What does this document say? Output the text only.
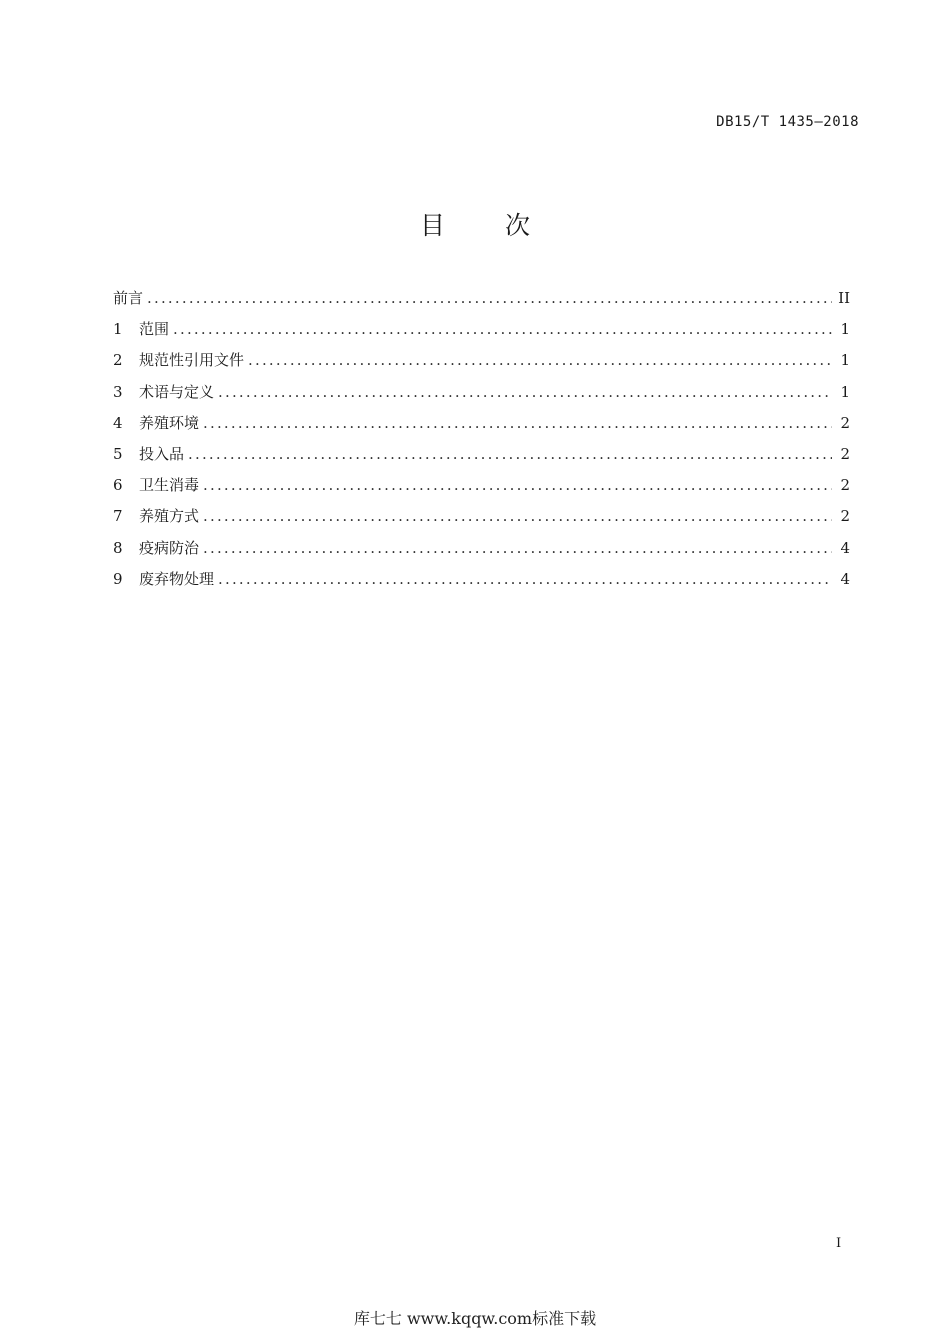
DB15/T 1435—2018
目 次
前言 .....	II
1	范围 .....	1
2	规范性引用文件 .....	1
3	术语与定义 .....	1
4	养殖环境 .....	2
5	投入品 .....	2
6	卫生消毒 .....	2
7	养殖方式 .....	2
8	疫病防治 .....	4
9	废弃物处理 .....	4
I
库七七 www.kqqw.com标准下载
